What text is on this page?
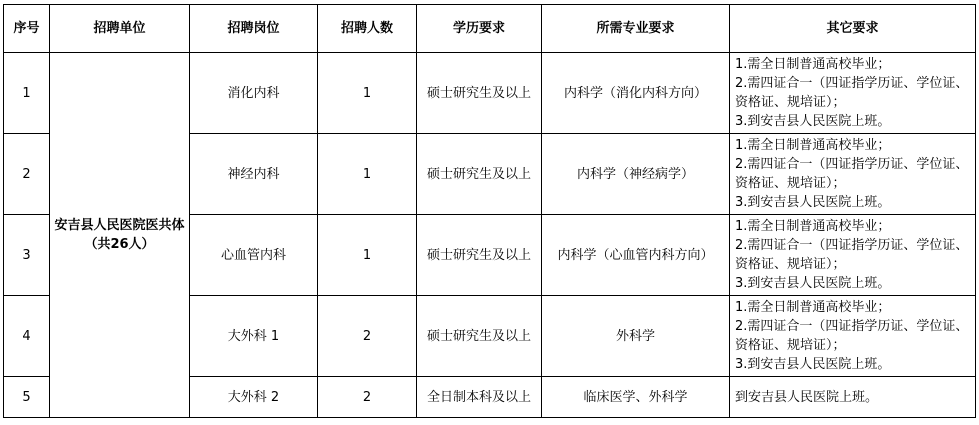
序号	招聘单位	招聘岗位	招聘人数	学历要求	所需专业要求	其它要求
1	安吉县人民医院医共体（共26人）	消化内科	1	硕士研究生及以上	内科学（消化内科方向）	1.需全日制普通高校毕业；
2.需四证合一（四证指学历证、学位证、资格证、规培证）；
3.到安吉县人民医院上班。

2		神经内科	1	硕士研究生及以上	内科学（神经病学）	1.需全日制普通高校毕业；
2.需四证合一（四证指学历证、学位证、资格证、规培证）；
3.到安吉县人民医院上班。

3		心血管内科	1	硕士研究生及以上	内科学（心血管内科方向）	1.需全日制普通高校毕业；
2.需四证合一（四证指学历证、学位证、资格证、规培证）；
3.到安吉县人民医院上班。

4		大外科 1	2	硕士研究生及以上	外科学	1.需全日制普通高校毕业；
2.需四证合一（四证指学历证、学位证、资格证、规培证）；
3.到安吉县人民医院上班。

5		大外科 2	2	全日制本科及以上	临床医学、外科学	到安吉县人民医院上班。
